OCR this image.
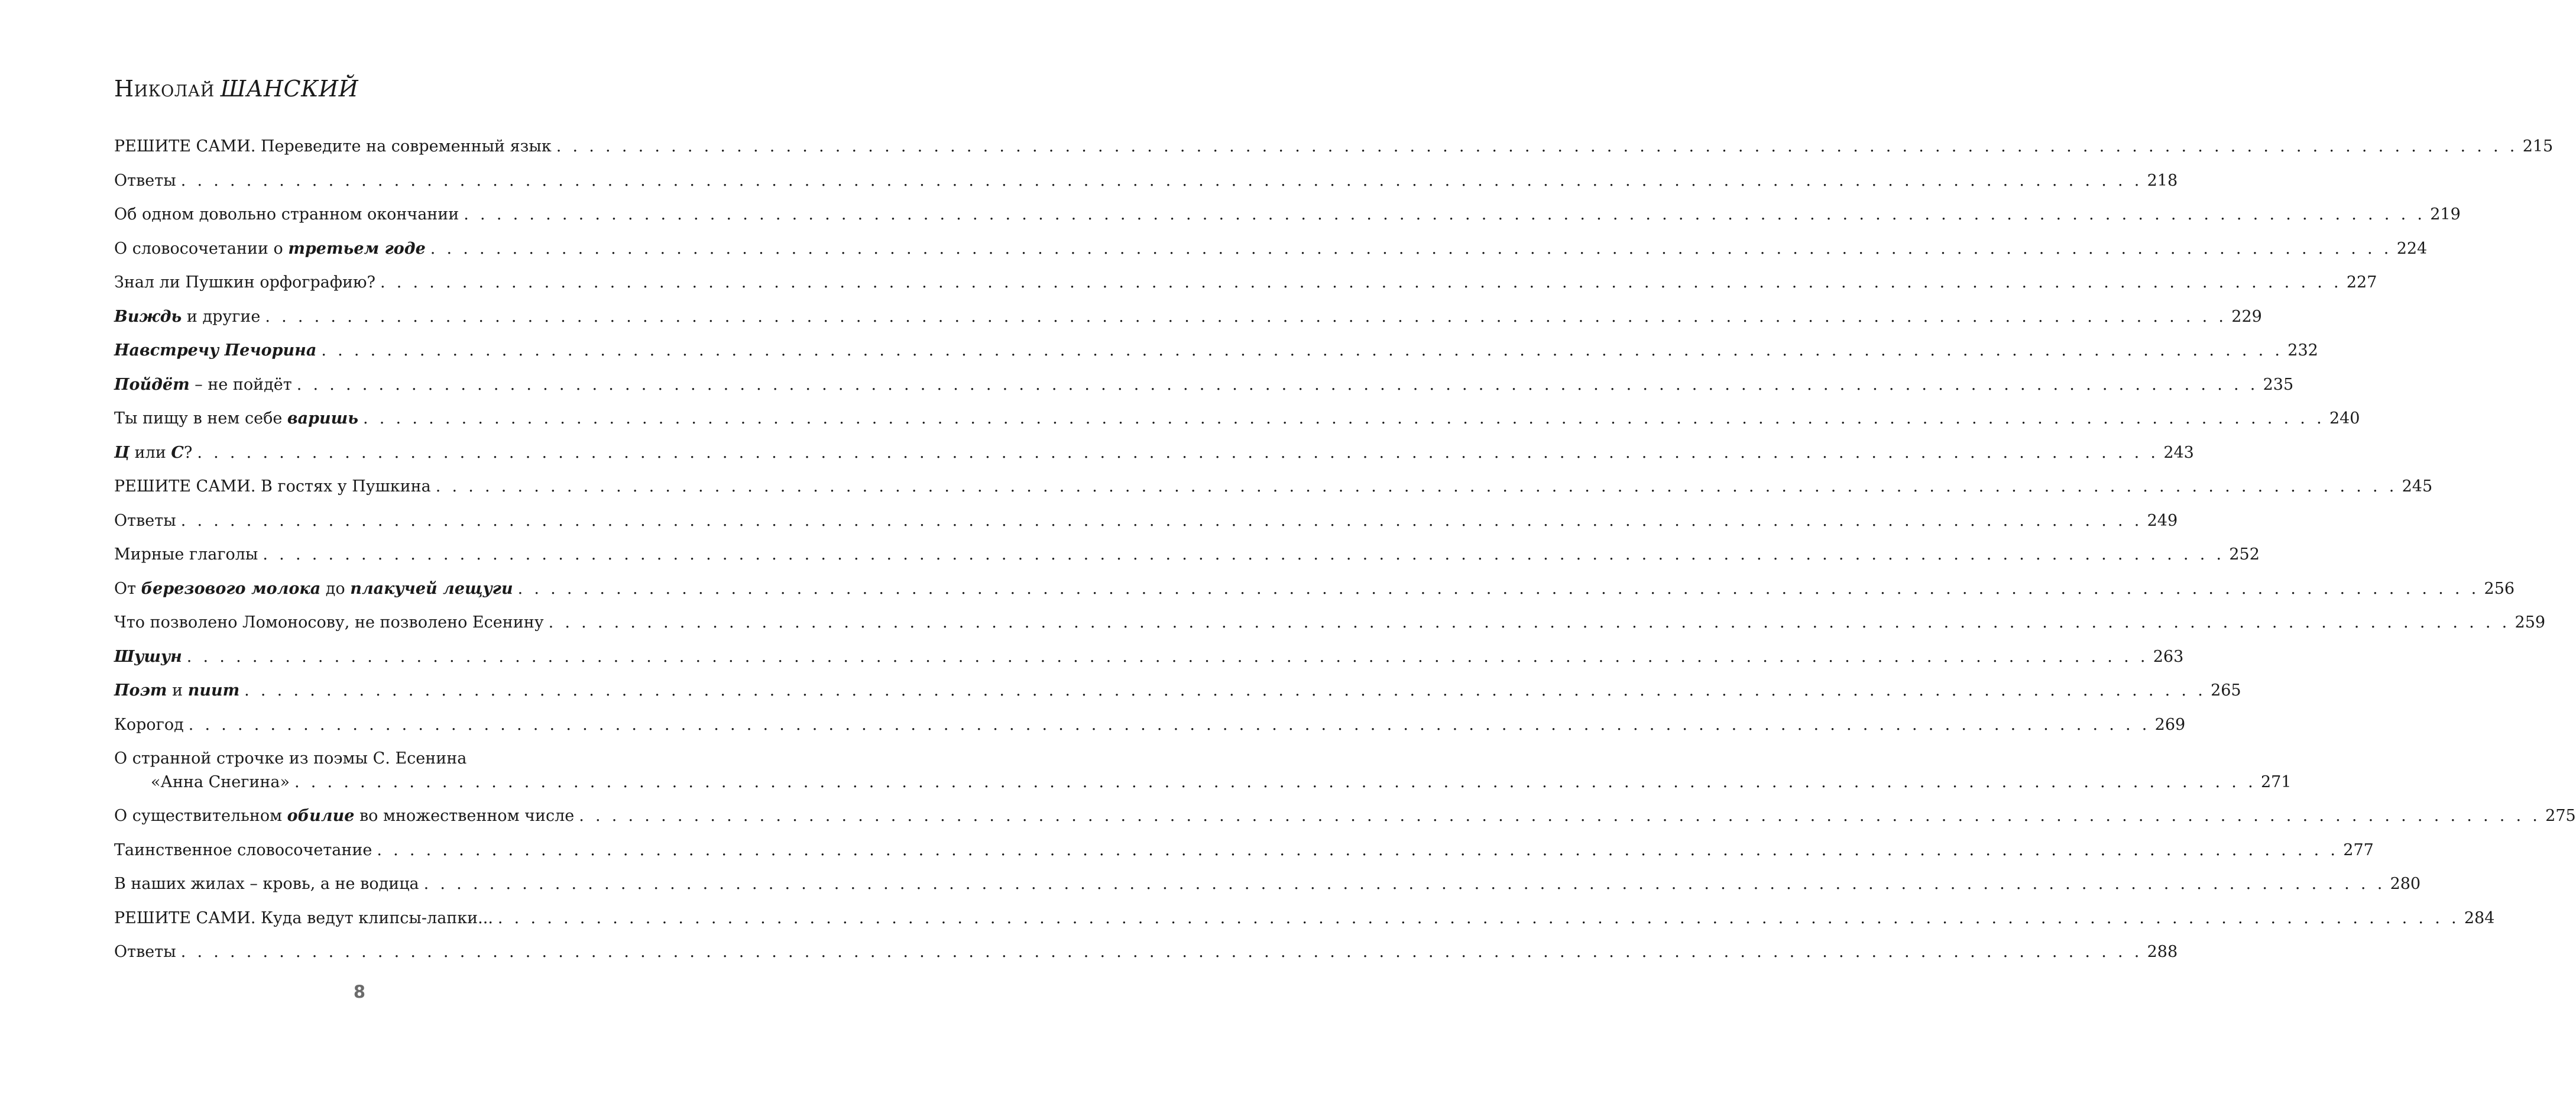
Николай ШАНСКИЙ
РЕШИТЕ САМИ. Переведите на современный язык . . . . . . . . . . . . . . . . . . . . . . . . . . . . . . . . . . . . . . . . . . . . . . . . . . . . . . . . . . . . . . . . . . . . . . . . . . . . . . . . . . . . . . . . . . . . . . . . . . . . . . . . . . . . . . . . . . . . . . . . 215
Ответы . . . . . . . . . . . . . . . . . . . . . . . . . . . . . . . . . . . . . . . . . . . . . . . . . . . . . . . . . . . . . . . . . . . . . . . . . . . . . . . . . . . . . . . . . . . . . . . . . . . . . . . . . . . . . . . . . . . . . . . . 218
Об одном довольно странном окончании . . . . . . . . . . . . . . . . . . . . . . . . . . . . . . . . . . . . . . . . . . . . . . . . . . . . . . . . . . . . . . . . . . . . . . . . . . . . . . . . . . . . . . . . . . . . . . . . . . . . . . . . . . . . . . . . . . . . . . . . 219
О словосочетании о третьем годе . . . . . . . . . . . . . . . . . . . . . . . . . . . . . . . . . . . . . . . . . . . . . . . . . . . . . . . . . . . . . . . . . . . . . . . . . . . . . . . . . . . . . . . . . . . . . . . . . . . . . . . . . . . . . . . . . . . . . . . . 224
Знал ли Пушкин орфографию? . . . . . . . . . . . . . . . . . . . . . . . . . . . . . . . . . . . . . . . . . . . . . . . . . . . . . . . . . . . . . . . . . . . . . . . . . . . . . . . . . . . . . . . . . . . . . . . . . . . . . . . . . . . . . . . . . . . . . . . . 227
Виждь и другие . . . . . . . . . . . . . . . . . . . . . . . . . . . . . . . . . . . . . . . . . . . . . . . . . . . . . . . . . . . . . . . . . . . . . . . . . . . . . . . . . . . . . . . . . . . . . . . . . . . . . . . . . . . . . . . . . . . . . . . . 229
Навстречу Печорина . . . . . . . . . . . . . . . . . . . . . . . . . . . . . . . . . . . . . . . . . . . . . . . . . . . . . . . . . . . . . . . . . . . . . . . . . . . . . . . . . . . . . . . . . . . . . . . . . . . . . . . . . . . . . . . . . . . . . . . . 232
Пойдёт – не пойдёт . . . . . . . . . . . . . . . . . . . . . . . . . . . . . . . . . . . . . . . . . . . . . . . . . . . . . . . . . . . . . . . . . . . . . . . . . . . . . . . . . . . . . . . . . . . . . . . . . . . . . . . . . . . . . . . . . . . . . . . . 235
Ты пищу в нем себе варишь . . . . . . . . . . . . . . . . . . . . . . . . . . . . . . . . . . . . . . . . . . . . . . . . . . . . . . . . . . . . . . . . . . . . . . . . . . . . . . . . . . . . . . . . . . . . . . . . . . . . . . . . . . . . . . . . . . . . . . . . 240
Ц или С? . . . . . . . . . . . . . . . . . . . . . . . . . . . . . . . . . . . . . . . . . . . . . . . . . . . . . . . . . . . . . . . . . . . . . . . . . . . . . . . . . . . . . . . . . . . . . . . . . . . . . . . . . . . . . . . . . . . . . . . . 243
РЕШИТЕ САМИ. В гостях у Пушкина . . . . . . . . . . . . . . . . . . . . . . . . . . . . . . . . . . . . . . . . . . . . . . . . . . . . . . . . . . . . . . . . . . . . . . . . . . . . . . . . . . . . . . . . . . . . . . . . . . . . . . . . . . . . . . . . . . . . . . . . 245
Ответы . . . . . . . . . . . . . . . . . . . . . . . . . . . . . . . . . . . . . . . . . . . . . . . . . . . . . . . . . . . . . . . . . . . . . . . . . . . . . . . . . . . . . . . . . . . . . . . . . . . . . . . . . . . . . . . . . . . . . . . . 249
Мирные глаголы . . . . . . . . . . . . . . . . . . . . . . . . . . . . . . . . . . . . . . . . . . . . . . . . . . . . . . . . . . . . . . . . . . . . . . . . . . . . . . . . . . . . . . . . . . . . . . . . . . . . . . . . . . . . . . . . . . . . . . . . 252
От березового молока до плакучей лещуги . . . . . . . . . . . . . . . . . . . . . . . . . . . . . . . . . . . . . . . . . . . . . . . . . . . . . . . . . . . . . . . . . . . . . . . . . . . . . . . . . . . . . . . . . . . . . . . . . . . . . . . . . . . . . . . . . . . . . . . . 256
Что позволено Ломоносову, не позволено Есенину . . . . . . . . . . . . . . . . . . . . . . . . . . . . . . . . . . . . . . . . . . . . . . . . . . . . . . . . . . . . . . . . . . . . . . . . . . . . . . . . . . . . . . . . . . . . . . . . . . . . . . . . . . . . . . . . . . . . . . . . 259
Шушун . . . . . . . . . . . . . . . . . . . . . . . . . . . . . . . . . . . . . . . . . . . . . . . . . . . . . . . . . . . . . . . . . . . . . . . . . . . . . . . . . . . . . . . . . . . . . . . . . . . . . . . . . . . . . . . . . . . . . . . . 263
Поэт и пиит . . . . . . . . . . . . . . . . . . . . . . . . . . . . . . . . . . . . . . . . . . . . . . . . . . . . . . . . . . . . . . . . . . . . . . . . . . . . . . . . . . . . . . . . . . . . . . . . . . . . . . . . . . . . . . . . . . . . . . . . 265
Корогод . . . . . . . . . . . . . . . . . . . . . . . . . . . . . . . . . . . . . . . . . . . . . . . . . . . . . . . . . . . . . . . . . . . . . . . . . . . . . . . . . . . . . . . . . . . . . . . . . . . . . . . . . . . . . . . . . . . . . . . . 269
О странной строчке из поэмы С. Есенина
«Анна Снегина» . . . . . . . . . . . . . . . . . . . . . . . . . . . . . . . . . . . . . . . . . . . . . . . . . . . . . . . . . . . . . . . . . . . . . . . . . . . . . . . . . . . . . . . . . . . . . . . . . . . . . . . . . . . . . . . . . . . . . . . . 271
О существительном обилие во множественном числе . . . . . . . . . . . . . . . . . . . . . . . . . . . . . . . . . . . . . . . . . . . . . . . . . . . . . . . . . . . . . . . . . . . . . . . . . . . . . . . . . . . . . . . . . . . . . . . . . . . . . . . . . . . . . . . . . . . . . . . . 275
Таинственное словосочетание . . . . . . . . . . . . . . . . . . . . . . . . . . . . . . . . . . . . . . . . . . . . . . . . . . . . . . . . . . . . . . . . . . . . . . . . . . . . . . . . . . . . . . . . . . . . . . . . . . . . . . . . . . . . . . . . . . . . . . . . 277
В наших жилах – кровь, а не водица . . . . . . . . . . . . . . . . . . . . . . . . . . . . . . . . . . . . . . . . . . . . . . . . . . . . . . . . . . . . . . . . . . . . . . . . . . . . . . . . . . . . . . . . . . . . . . . . . . . . . . . . . . . . . . . . . . . . . . . . 280
РЕШИТЕ САМИ. Куда ведут клипсы-лапки... . . . . . . . . . . . . . . . . . . . . . . . . . . . . . . . . . . . . . . . . . . . . . . . . . . . . . . . . . . . . . . . . . . . . . . . . . . . . . . . . . . . . . . . . . . . . . . . . . . . . . . . . . . . . . . . . . . . . . . . . 284
Ответы . . . . . . . . . . . . . . . . . . . . . . . . . . . . . . . . . . . . . . . . . . . . . . . . . . . . . . . . . . . . . . . . . . . . . . . . . . . . . . . . . . . . . . . . . . . . . . . . . . . . . . . . . . . . . . . . . . . . . . . . 288
8
